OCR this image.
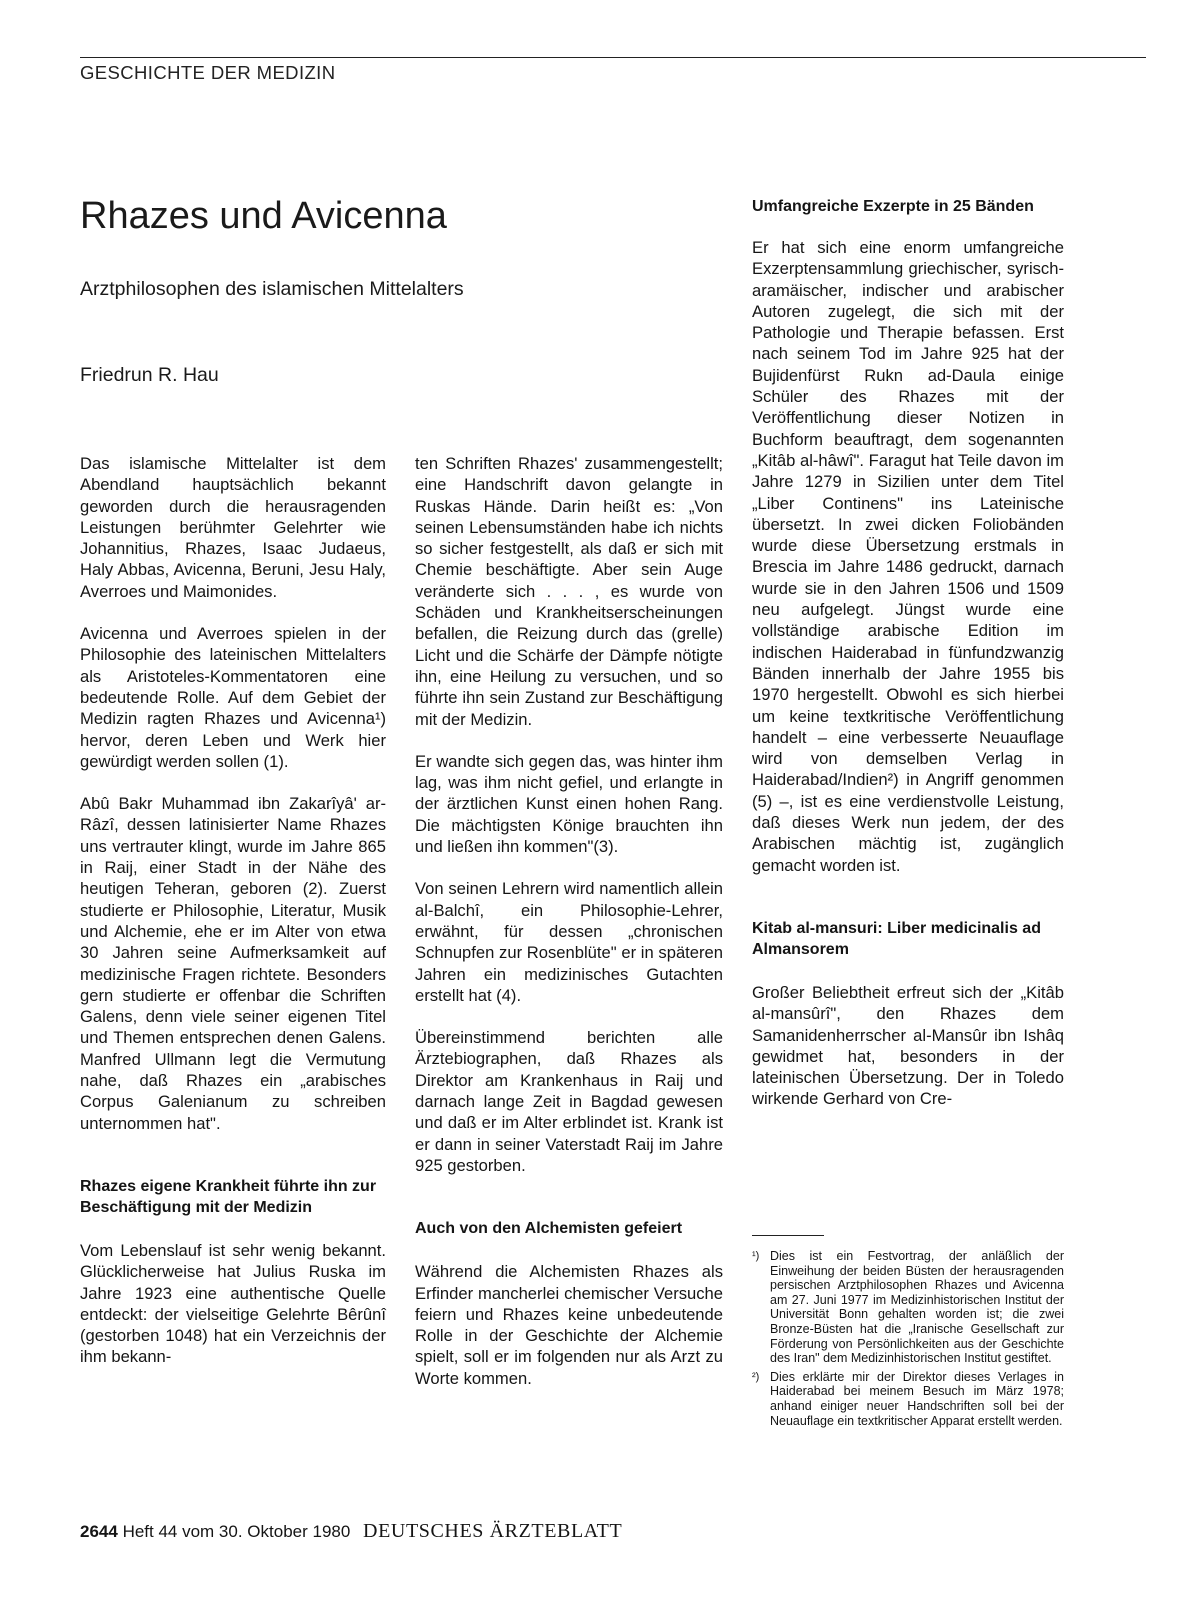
GESCHICHTE DER MEDIZIN
Rhazes und Avicenna
Arztphilosophen des islamischen Mittelalters
Friedrun R. Hau

Das islamische Mittelalter ist dem Abendland hauptsächlich bekannt geworden durch die herausragenden Leistungen berühmter Gelehrter wie Johannitius, Rhazes, Isaac Judaeus, Haly Abbas, Avicenna, Beruni, Jesu Haly, Averroes und Maimonides.

Avicenna und Averroes spielen in der Philosophie des lateinischen Mittelalters als Aristoteles-Kommentatoren eine bedeutende Rolle. Auf dem Gebiet der Medizin ragten Rhazes und Avicenna¹) hervor, deren Leben und Werk hier gewürdigt werden sollen (1).

Abû Bakr Muhammad ibn Zakarîyâ' ar-Râzî, dessen latinisierter Name Rhazes uns vertrauter klingt, wurde im Jahre 865 in Raij, einer Stadt in der Nähe des heutigen Teheran, geboren (2). Zuerst studierte er Philosophie, Literatur, Musik und Alchemie, ehe er im Alter von etwa 30 Jahren seine Aufmerksamkeit auf medizinische Fragen richtete. Besonders gern studierte er offenbar die Schriften Galens, denn viele seiner eigenen Titel und Themen entsprechen denen Galens. Manfred Ullmann legt die Vermutung nahe, daß Rhazes ein „arabisches Corpus Galenianum zu schreiben unternommen hat".

Rhazes eigene Krankheit führte ihn zur Beschäftigung mit der Medizin

Vom Lebenslauf ist sehr wenig bekannt. Glücklicherweise hat Julius Ruska im Jahre 1923 eine authentische Quelle entdeckt: der vielseitige Gelehrte Bêrûnî (gestorben 1048) hat ein Verzeichnis der ihm bekann-

ten Schriften Rhazes' zusammengestellt; eine Handschrift davon gelangte in Ruskas Hände. Darin heißt es: „Von seinen Lebensumständen habe ich nichts so sicher festgestellt, als daß er sich mit Chemie beschäftigte. Aber sein Auge veränderte sich . . . , es wurde von Schäden und Krankheitserscheinungen befallen, die Reizung durch das (grelle) Licht und die Schärfe der Dämpfe nötigte ihn, eine Heilung zu versuchen, und so führte ihn sein Zustand zur Beschäftigung mit der Medizin.

Er wandte sich gegen das, was hinter ihm lag, was ihm nicht gefiel, und erlangte in der ärztlichen Kunst einen hohen Rang. Die mächtigsten Könige brauchten ihn und ließen ihn kommen"(3).

Von seinen Lehrern wird namentlich allein al-Balchî, ein Philosophie-Lehrer, erwähnt, für dessen „chronischen Schnupfen zur Rosenblüte" er in späteren Jahren ein medizinisches Gutachten erstellt hat (4).

Übereinstimmend berichten alle Ärztebiographen, daß Rhazes als Direktor am Krankenhaus in Raij und darnach lange Zeit in Bagdad gewesen und daß er im Alter erblindet ist. Krank ist er dann in seiner Vaterstadt Raij im Jahre 925 gestorben.

Auch von den Alchemisten gefeiert

Während die Alchemisten Rhazes als Erfinder mancherlei chemischer Versuche feiern und Rhazes keine unbedeutende Rolle in der Geschichte der Alchemie spielt, soll er im folgenden nur als Arzt zu Worte kommen.

Umfangreiche Exzerpte in 25 Bänden

Er hat sich eine enorm umfangreiche Exzerptensammlung griechischer, syrisch-aramäischer, indischer und arabischer Autoren zugelegt, die sich mit der Pathologie und Therapie befassen. Erst nach seinem Tod im Jahre 925 hat der Bujidenfürst Rukn ad-Daula einige Schüler des Rhazes mit der Veröffentlichung dieser Notizen in Buchform beauftragt, dem sogenannten „Kitâb al-hâwî". Faragut hat Teile davon im Jahre 1279 in Sizilien unter dem Titel „Liber Continens" ins Lateinische übersetzt. In zwei dicken Foliobänden wurde diese Übersetzung erstmals in Brescia im Jahre 1486 gedruckt, darnach wurde sie in den Jahren 1506 und 1509 neu aufgelegt. Jüngst wurde eine vollständige arabische Edition im indischen Haiderabad in fünfundzwanzig Bänden innerhalb der Jahre 1955 bis 1970 hergestellt. Obwohl es sich hierbei um keine textkritische Veröffentlichung handelt – eine verbesserte Neuauflage wird von demselben Verlag in Haiderabad/Indien²) in Angriff genommen (5) –, ist es eine verdienstvolle Leistung, daß dieses Werk nun jedem, der des Arabischen mächtig ist, zugänglich gemacht worden ist.

Kitab al-mansuri: Liber medicinalis ad Almansorem

Großer Beliebtheit erfreut sich der „Kitâb al-mansûrî", den Rhazes dem Samanidenherrscher al-Mansûr ibn Ishâq gewidmet hat, besonders in der lateinischen Übersetzung. Der in Toledo wirkende Gerhard von Cre-

¹) Dies ist ein Festvortrag, der anläßlich der Einweihung der beiden Büsten der herausragenden persischen Arztphilosophen Rhazes und Avicenna am 27. Juni 1977 im Medizinhistorischen Institut der Universität Bonn gehalten worden ist; die zwei Bronze-Büsten hat die „Iranische Gesellschaft zur Förderung von Persönlichkeiten aus der Geschichte des Iran" dem Medizinhistorischen Institut gestiftet.

²) Dies erklärte mir der Direktor dieses Verlages in Haiderabad bei meinem Besuch im März 1978; anhand einiger neuer Handschriften soll bei der Neuauflage ein textkritischer Apparat erstellt werden.

2644 Heft 44 vom 30. Oktober 1980 DEUTSCHES ÄRZTEBLATT
